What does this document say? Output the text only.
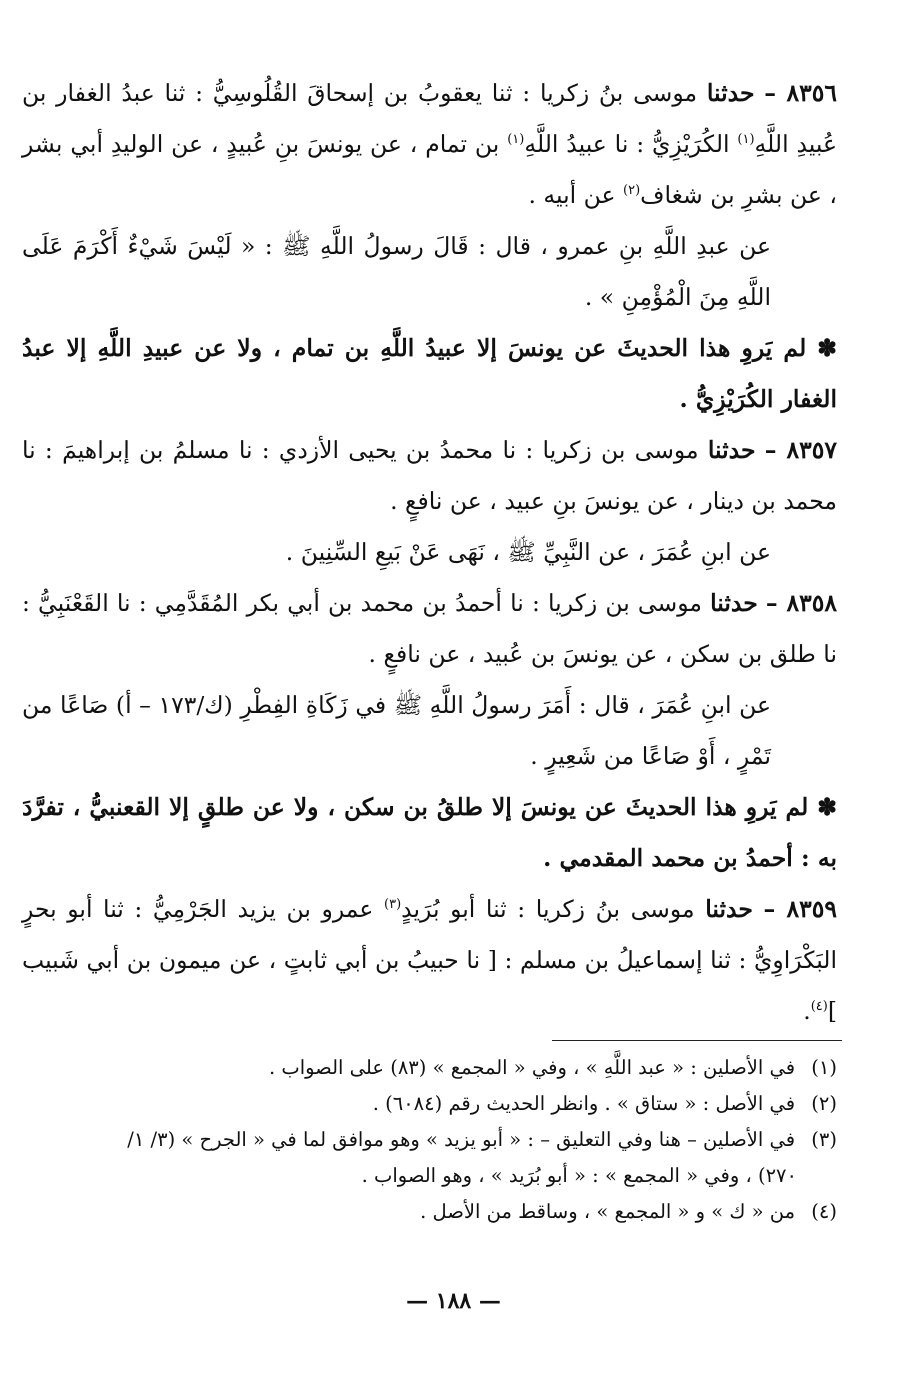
٨٣٥٦ – حدثنا موسى بنُ زكريا : ثنا يعقوبُ بن إسحاقَ القُلُوسِيُّ : ثنا عبدُ الغفار بن عُبيدِ اللَّهِ$^{(١)}$ الكُرَيْزِيُّ : نا عبيدُ اللَّهِ$^{(١)}$ بن تمام ، عن يونسَ بنِ عُبيدٍ ، عن الوليدِ أبي بشر ، عن بشرِ بن شغاف$^{(٢)}$ عن أبيه .

عن عبدِ اللَّهِ بنِ عمرو ، قال : قَالَ رسولُ اللَّهِ ﷺ : « لَيْسَ شَيْءٌ أَكْرَمَ عَلَى اللَّهِ مِنَ الْمُؤْمِنِ » .

✽ لم يَروِ هذا الحديثَ عن يونسَ إلا عبيدُ اللَّهِ بن تمام ، ولا عن عبيدِ اللَّهِ إلا عبدُ الغفار الكُرَيْزِيُّ .

٨٣٥٧ – حدثنا موسى بن زكريا : نا محمدُ بن يحيى الأزدي : نا مسلمُ بن إبراهيمَ : نا محمد بن دينار ، عن يونسَ بنِ عبيد ، عن نافعٍ .

عن ابنِ عُمَرَ ، عن النَّبِيِّ ﷺ ، نَهَى عَنْ بَيعِ السِّنِينَ .

٨٣٥٨ – حدثنا موسى بن زكريا : نا أحمدُ بن محمد بن أبي بكر المُقَدَّمِي : نا القَعْنَبِيُّ : نا طلق بن سكن ، عن يونسَ بن عُبيد ، عن نافعٍ .

عن ابنِ عُمَرَ ، قال : أَمَرَ رسولُ اللَّهِ ﷺ في زَكَاةِ الفِطْرِ (ك/١٧٣ – أ) صَاعًا من تَمْرٍ ، أَوْ صَاعًا من شَعِيرٍ .

✽ لم يَروِ هذا الحديثَ عن يونسَ إلا طلقُ بن سكن ، ولا عن طلقٍ إلا القعنبيُّ ، تفرَّدَ به : أحمدُ بن محمد المقدمي .

٨٣٥٩ – حدثنا موسى بنُ زكريا : ثنا أبو بُرَيدٍ$^{(٣)}$ عمرو بن يزيد الجَرْمِيُّ : ثنا أبو بحرٍ البَكْرَاوِيُّ : ثنا إسماعيلُ بن مسلم : [ نا حبيبُ بن أبي ثابتٍ ، عن ميمون بن أبي شَبيب ]$^{(٤)}$.

(١) في الأصلين : « عبد اللَّهِ » ، وفي « المجمع » (٨٣) على الصواب .

(٢) في الأصل : « ستاق » . وانظر الحديث رقم (٦٠٨٤) .

(٣) في الأصلين – هنا وفي التعليق – : « أبو يزيد » وهو موافق لما في « الجرح » (٣/ ١/

٢٧٠) ، وفي « المجمع » : « أبو بُرَيد » ، وهو الصواب .

(٤) من « ك » و « المجمع » ، وساقط من الأصل .

— ١٨٨ —
